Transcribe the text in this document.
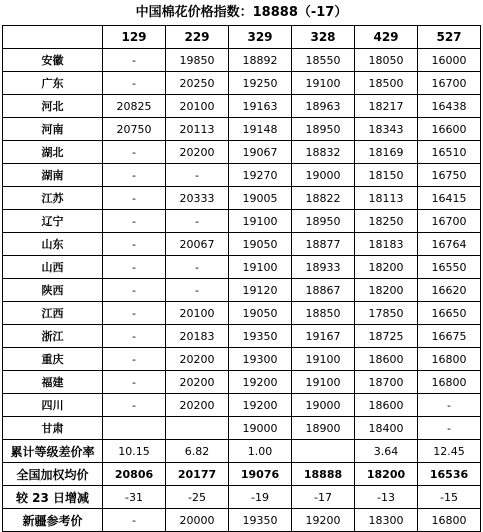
中国棉花价格指数：18888（-17）
	129	229	329	328	429	527
安徽	-	19850	18892	18550	18050	16000
广东	-	20250	19250	19100	18500	16700
河北	20825	20100	19163	18963	18217	16438
河南	20750	20113	19148	18950	18343	16600
湖北	-	20200	19067	18832	18169	16510
湖南	-	-	19270	19000	18150	16750
江苏	-	20333	19005	18822	18113	16415
辽宁	-	-	19100	18950	18250	16700
山东	-	20067	19050	18877	18183	16764
山西	-	-	19100	18933	18200	16550
陕西	-	-	19120	18867	18200	16620
江西	-	20100	19050	18850	17850	16650
浙江	-	20183	19350	19167	18725	16675
重庆	-	20200	19300	19100	18600	16800
福建	-	20200	19200	19100	18700	16800
四川	-	20200	19200	19000	18600	-
甘肃			19000	18900	18400	-
累计等级差价率	10.15	6.82	1.00		3.64	12.45
全国加权均价	20806	20177	19076	18888	18200	16536
较 23 日增减	-31	-25	-19	-17	-13	-15
新疆参考价	-	20000	19350	19200	18300	16800
